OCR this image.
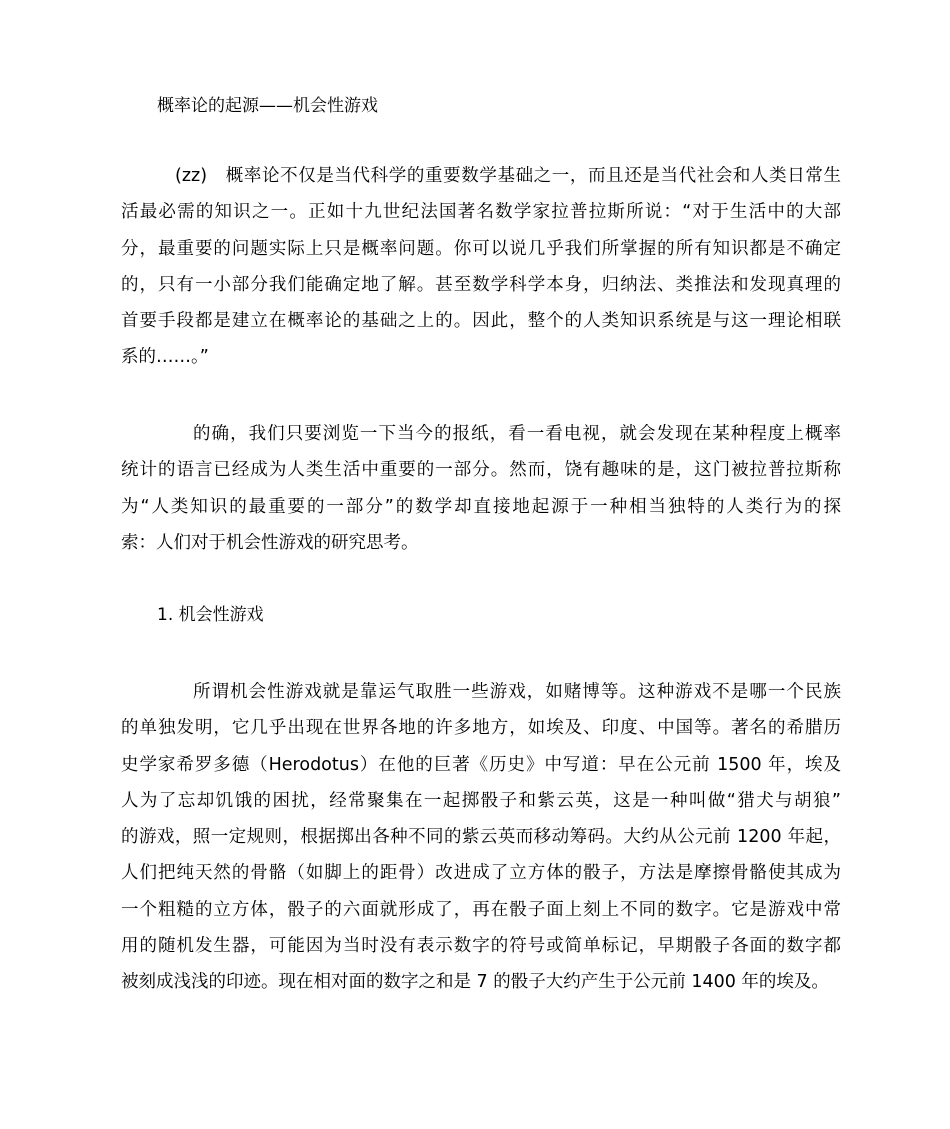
概率论的起源——机会性游戏
(zz)　概率论不仅是当代科学的重要数学基础之一，而且还是当代社会和人类日常生
活最必需的知识之一。正如十九世纪法国著名数学家拉普拉斯所说：“对于生活中的大部
分，最重要的问题实际上只是概率问题。你可以说几乎我们所掌握的所有知识都是不确定
的，只有一小部分我们能确定地了解。甚至数学科学本身，归纳法、类推法和发现真理的
首要手段都是建立在概率论的基础之上的。因此，整个的人类知识系统是与这一理论相联
系的……。”
的确，我们只要浏览一下当今的报纸，看一看电视，就会发现在某种程度上概率
统计的语言已经成为人类生活中重要的一部分。然而，饶有趣味的是，这门被拉普拉斯称
为“人类知识的最重要的一部分”的数学却直接地起源于一种相当独特的人类行为的探
索：人们对于机会性游戏的研究思考。
1. 机会性游戏
所谓机会性游戏就是靠运气取胜一些游戏，如赌博等。这种游戏不是哪一个民族
的单独发明，它几乎出现在世界各地的许多地方，如埃及、印度、中国等。著名的希腊历
史学家希罗多德（Herodotus）在他的巨著《历史》中写道：早在公元前 1500 年，埃及
人为了忘却饥饿的困扰，经常聚集在一起掷骰子和紫云英，这是一种叫做“猎犬与胡狼”
的游戏，照一定规则，根据掷出各种不同的紫云英而移动筹码。大约从公元前 1200 年起，
人们把纯天然的骨骼（如脚上的距骨）改进成了立方体的骰子，方法是摩擦骨骼使其成为
一个粗糙的立方体，骰子的六面就形成了，再在骰子面上刻上不同的数字。它是游戏中常
用的随机发生器，可能因为当时没有表示数字的符号或简单标记，早期骰子各面的数字都
被刻成浅浅的印迹。现在相对面的数字之和是 7 的骰子大约产生于公元前 1400 年的埃及。
